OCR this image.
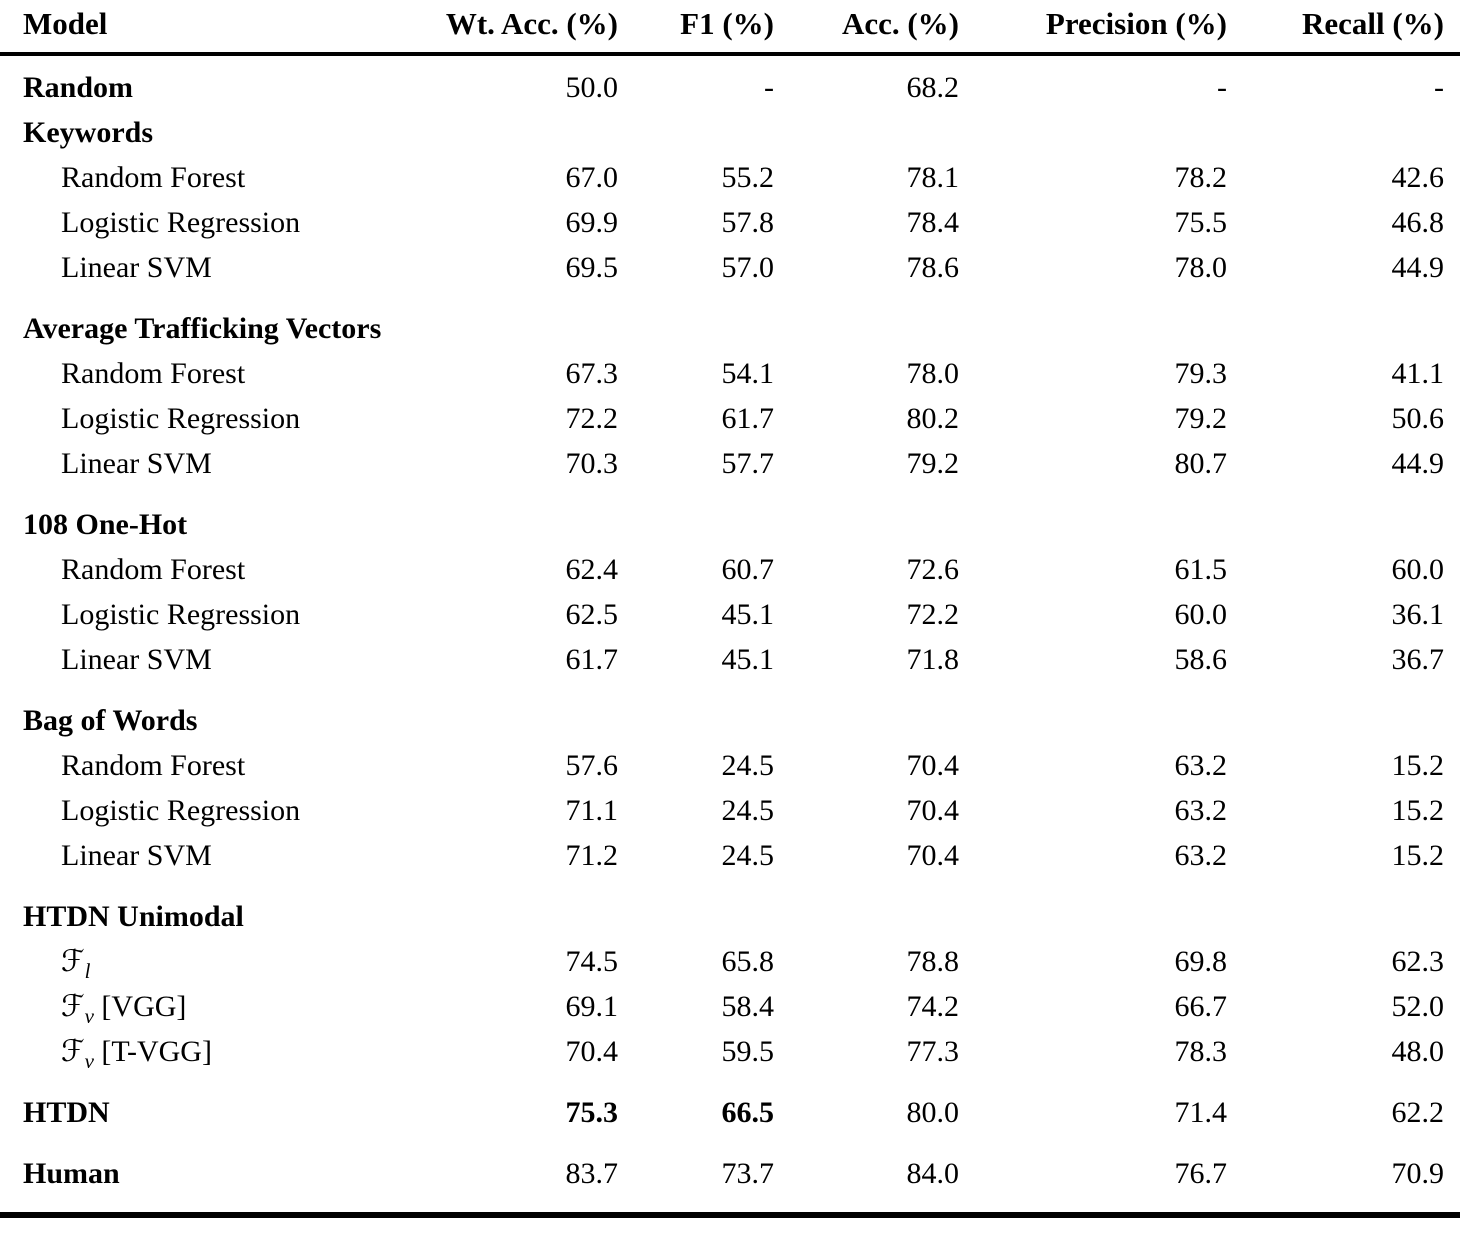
Model	Wt. Acc. (%)	F1 (%)	Acc. (%)	Precision (%)	Recall (%)
Random	50.0	-	68.2	-	-
Keywords					
Random Forest	67.0	55.2	78.1	78.2	42.6
Logistic Regression	69.9	57.8	78.4	75.5	46.8
Linear SVM	69.5	57.0	78.6	78.0	44.9
Average Trafficking Vectors					
Random Forest	67.3	54.1	78.0	79.3	41.1
Logistic Regression	72.2	61.7	80.2	79.2	50.6
Linear SVM	70.3	57.7	79.2	80.7	44.9
108 One-Hot					
Random Forest	62.4	60.7	72.6	61.5	60.0
Logistic Regression	62.5	45.1	72.2	60.0	36.1
Linear SVM	61.7	45.1	71.8	58.6	36.7
Bag of Words					
Random Forest	57.6	24.5	70.4	63.2	15.2
Logistic Regression	71.1	24.5	70.4	63.2	15.2
Linear SVM	71.2	24.5	70.4	63.2	15.2
HTDN Unimodal					
ℱ$_l$	74.5	65.8	78.8	69.8	62.3
ℱ$_v$ [VGG]	69.1	58.4	74.2	66.7	52.0
ℱ$_v$ [T-VGG]	70.4	59.5	77.3	78.3	48.0
HTDN	75.3	66.5	80.0	71.4	62.2
Human	83.7	73.7	84.0	76.7	70.9
